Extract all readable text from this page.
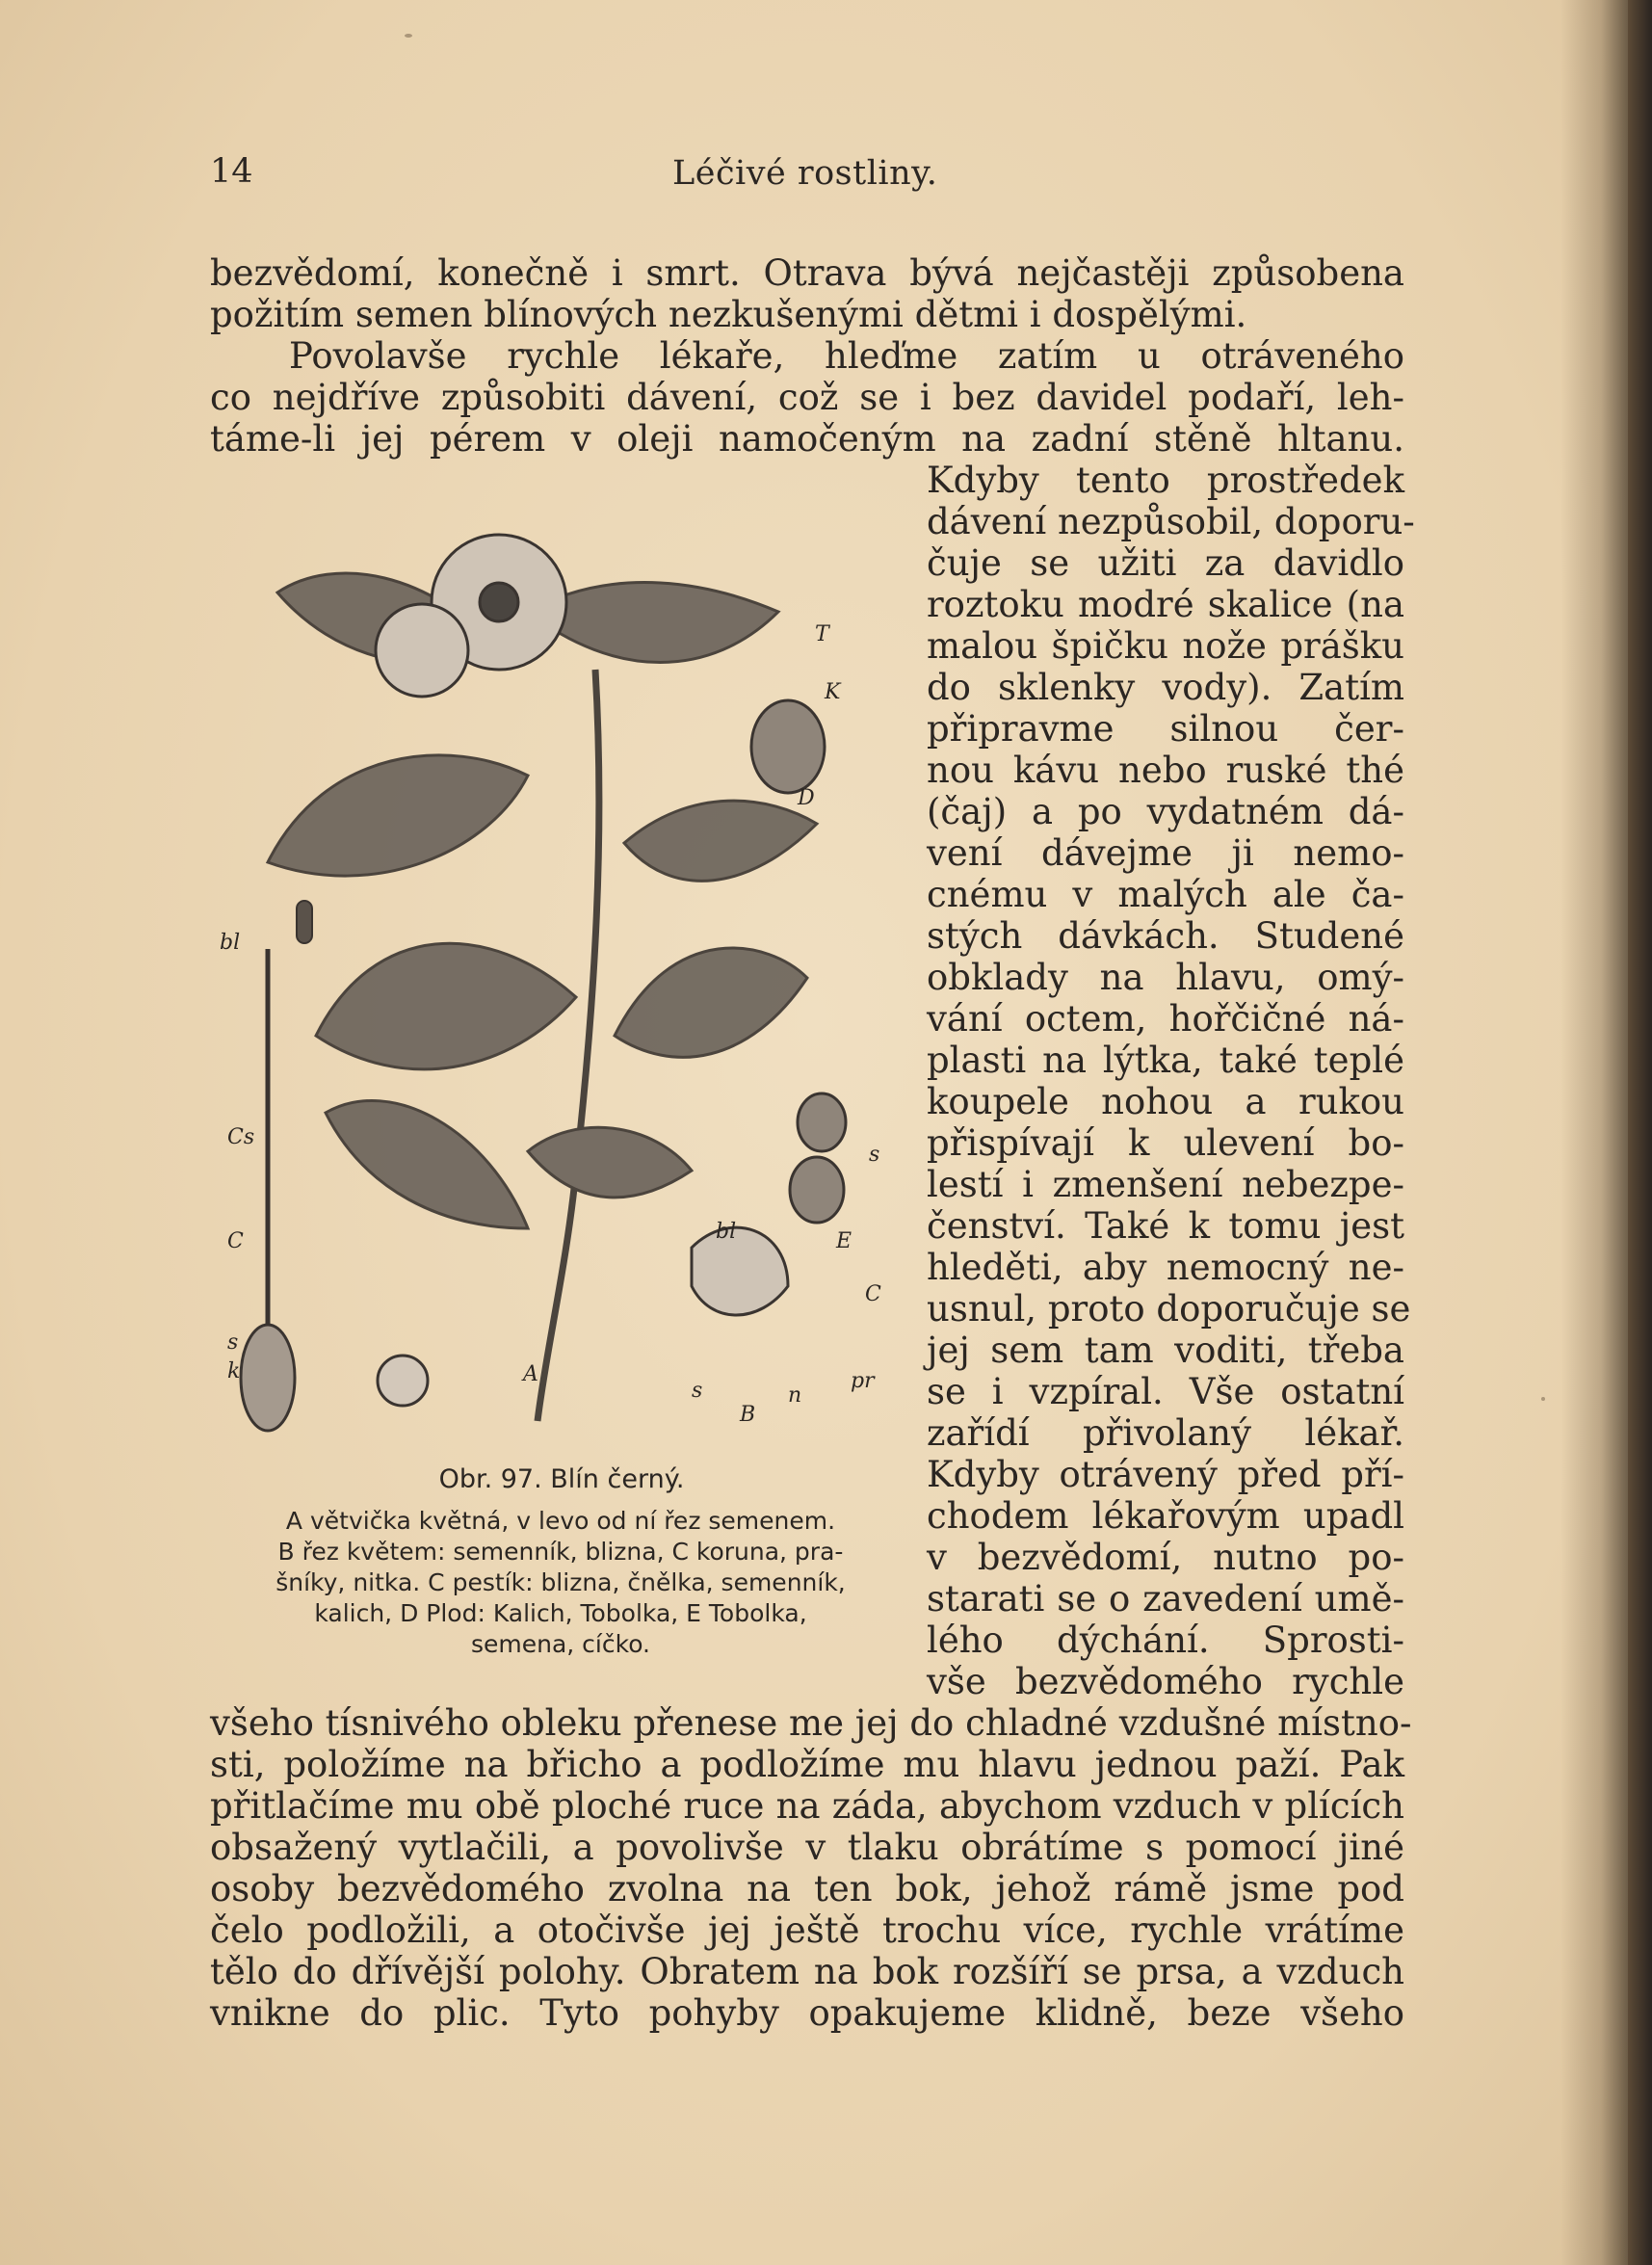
14	Léčivé rostliny.
bezvědomí, konečně i smrt. Otrava bývá nejčastěji způsobena
požitím semen blínových nezkušenými dětmi i dospělými.
Povolavše rychle lékaře, hleďme zatím u otráveného
co nejdříve způsobiti dávení, což se i bez davidel podaří, leh-
táme-li jej pérem v oleji namočeným na zadní stěně hltanu.
Kdyby tento prostředek
dávení nezpůsobil, doporu-
čuje se užiti za davidlo
roztoku modré skalice (na
malou špičku nože prášku
do sklenky vody). Zatím
připravme silnou čer-
nou kávu nebo ruské thé
(čaj) a po vydatném dá-
vení dávejme ji nemo-
cnému v malých ale ča-
stých dávkách. Studené
obklady na hlavu, omý-
vání octem, hořčičné ná-
plasti na lýtka, také teplé
koupele nohou a rukou
přispívají k ulevení bo-
lestí i zmenšení nebezpe-
čenství. Také k tomu jest
hleděti, aby nemocný ne-
usnul, proto doporučuje se
jej sem tam voditi, třeba
se i vzpíral. Vše ostatní
zařídí přivolaný lékař.
Kdyby otrávený před pří-
chodem lékařovým upadl
v bezvědomí, nutno po-
starati se o zavedení umě-
lého dýchání. Sprosti-
vše bezvědomého rychle
všeho tísnivého obleku přenese me jej do chladné vzdušné místno-
sti, položíme na břicho a podložíme mu hlavu jednou paží. Pak
přitlačíme mu obě ploché ruce na záda, abychom vzduch v plících
obsažený vytlačili, a povolivše v tlaku obrátíme s pomocí jiné
osoby bezvědomého zvolna na ten bok, jehož rámě jsme pod
čelo podložili, a otočivše jej ještě trochu více, rychle vrátíme
tělo do dřívější polohy. Obratem na bok rozšíří se prsa, a vzduch
vnikne do plic. Tyto pohyby opakujeme klidně, beze všeho
T
K
D
bl
Cs
C
s
E
C
bl
A
s
B
n
pr
s
k
Obr. 97. Blín černý.
A větvička květná, v levo od ní řez semenem.
B řez květem: semenník, blizna, C koruna, pra-
šníky, nitka. C pestík: blizna, čnělka, semenník,
kalich, D Plod: Kalich, Tobolka, E Tobolka,
semena, cíčko.
